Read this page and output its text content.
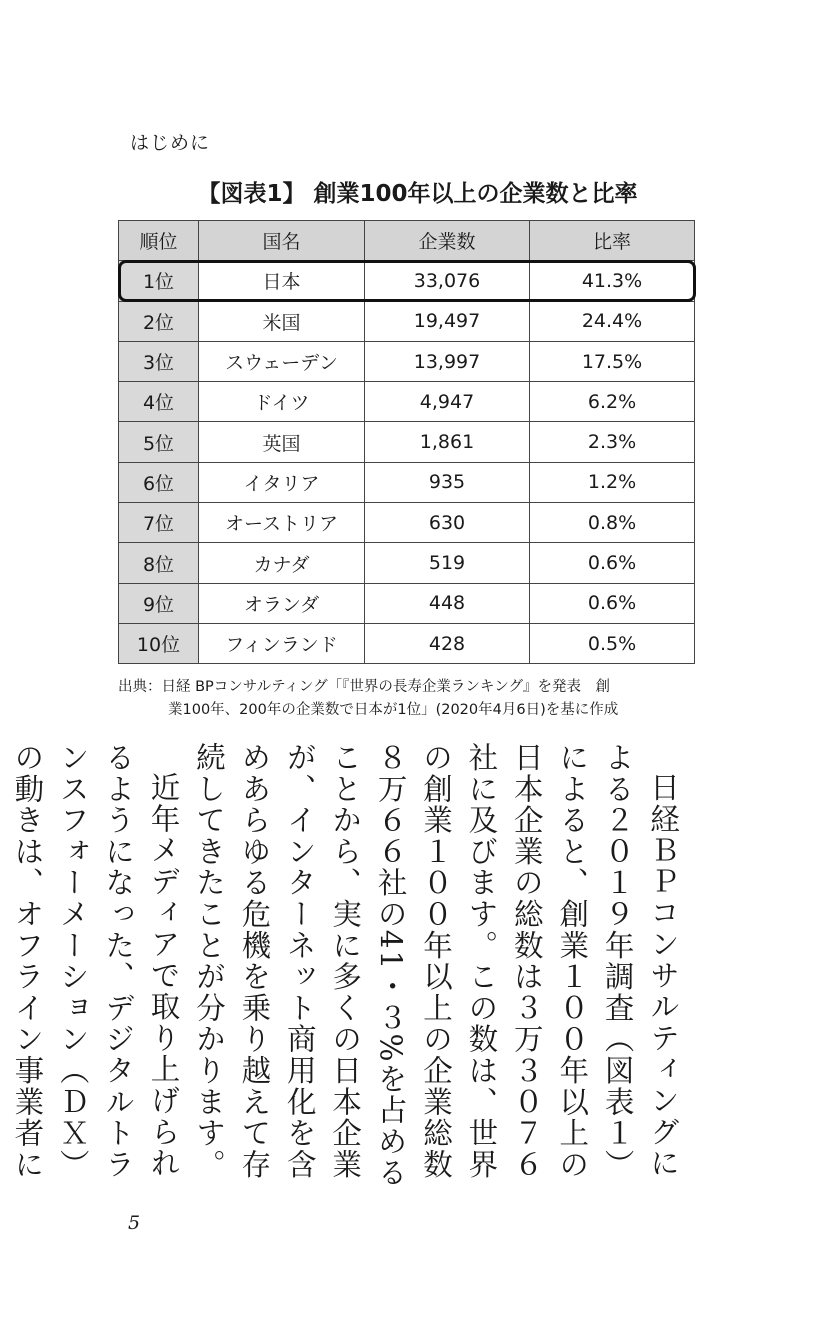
はじめに
【図表1】 創業100年以上の企業数と比率
順位	国名	企業数	比率
1位	日本	33,076	41.3%
2位	米国	19,497	24.4%
3位	スウェーデン	13,997	17.5%
4位	ドイツ	4,947	6.2%
5位	英国	1,861	2.3%
6位	イタリア	935	1.2%
7位	オーストリア	630	0.8%
8位	カナダ	519	0.6%
9位	オランダ	448	0.6%
10位	フィンランド	428	0.5%
出典：日経 BPコンサルティング「『世界の長寿企業ランキング』を発表　創
業100年、200年の企業数で日本が1位」(2020年4月6日)を基に作成

日経ＢＰコンサルティングによる２０１９年調査（図表１）によると、創業１００年以上の日本企業の総数は３万３０７６社に及びます。この数は、世界の創業１００年以上の企業総数８万６６社の41・３%を占めることから、実に多くの日本企業が、インターネット商用化を含めあらゆる危機を乗り越えて存続してきたことが分かります。

近年メディアで取り上げられるようになった、デジタルトランスフォーメーション（ＤＸ）の動きは、オフライン事業者に

5
